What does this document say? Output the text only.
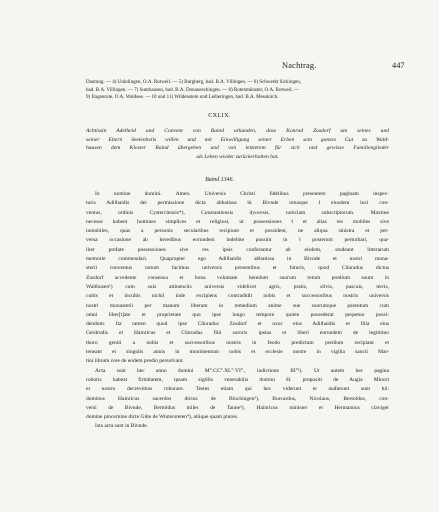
Nachtrag.	447
Dautung. — 4) Unlolingen, O.A. Rotweil. — 5) Burgberg, bad. B.A. Villingen. — 6) Schwerkt Sickingen,
bad. B.A. Villingen. — 7) Sunthausen, bad. B.A. Donaueschingen. — 8) Rotenmünster, O.A. Rotweil. —
9) Engenrute, O.A. Waldsee. — 10 und 11) Wildenstein und Leiberingen, bad. B.A. Messkirch.
CXLIX.
Achtissin Adelheid und Convent von Baind urkunden, dass Konrad Zusdorf um seines und
seiner Eltern Seelenheils willen und mit Einwilligung seiner Erben sein ganzes Gut zu Wald-
hausen dem Kloster Baind übergeben und von letzterem für sich und gewisse Familienglieder
als Lehen wieder zurückerhalten hat.
Baind 1346.
In nomine domini. Amen. Universis Christi fidelibus presentem paginam inspec-
turis Adilhaidis dei permissione dicta abbatissa hi Bivnde totusque ‖ eiusdem loci con-
ventus, ordinis Cysterciensis*), Constantiensis dyocesis, noticiam subscriptorum. Maxime
necesse habent homines simplices et religiosi, ut possessiones ‖ et alias res mobiles sive
inmobiles, quas a personis secularibus recipiunt et possident, ne aliqua sinistra et per-
versa occasione ab heredibus eorundem indebite possint in ‖ posterum perturbari, qua-
liter prefate possessiones sive res ipsis conferantur ab eisdem, studeant litterarum
memorie commendari. Quapropter ego Adilhaidis abbatissa in Bivnde et nostri mona-
sterii conventus notum facimus universis presentibus et futuris, quod Cůnradus dictus
Zusdorf accedente consensu et bona voluntate heredum suorum totum predium suum in
Walthusen¹) cum suis attinenciis universis videlicet agris, pratis, silvis, pascuis, terris,
cultis et incultis nichil inde excipiens contradidit nobis et successoribus nostris universis
nostri monasterii per manum liberam in remedium anime sue suorumque parentum cum
omni liber[t]ate et proprietate quo ipse longo tempore quiete possederat perpetuo possi-
dendum. Ita tamen quod ipse Cůnradus Zusdorf et uxor eius Adilhaidis et filia eius
Gerdrudis et Hainricus et Cůnradus filii sororis ipsius et liberi eorundem de legittimo
thoro geniti a nobis et successoribus nostris in feodo predictum predium recipiant et
teneant et singulis annis in monimentum nobis et ecclesie nostre in vigilia sancti Mar-
tini librum cere de eodem predio persolvant.
Acta sunt hec anno domini M°.CC°.XL°.VI°., indictione III°¹). Ut autem hec pagina
roboris habeat firmitatem, ipsam sigillis venerabilis domini H. prepositi de Augia Minori
et nostro decrevimus roborare. Testes etiam qui hec viderunt et audierunt sunt hii:
dominus Hainricus sacerdos dictus de Blochingen²), Burcardus, Nicolaus, Bertoldus, con-
versi de Bivnde, Bertoldus miles de Tanne³), Hainricus minister et Hermannus claviger
domine pincernine dicte Gůte de Wintersteten⁴), aliique quam plures.
Ista acta sunt in Bivnde.
